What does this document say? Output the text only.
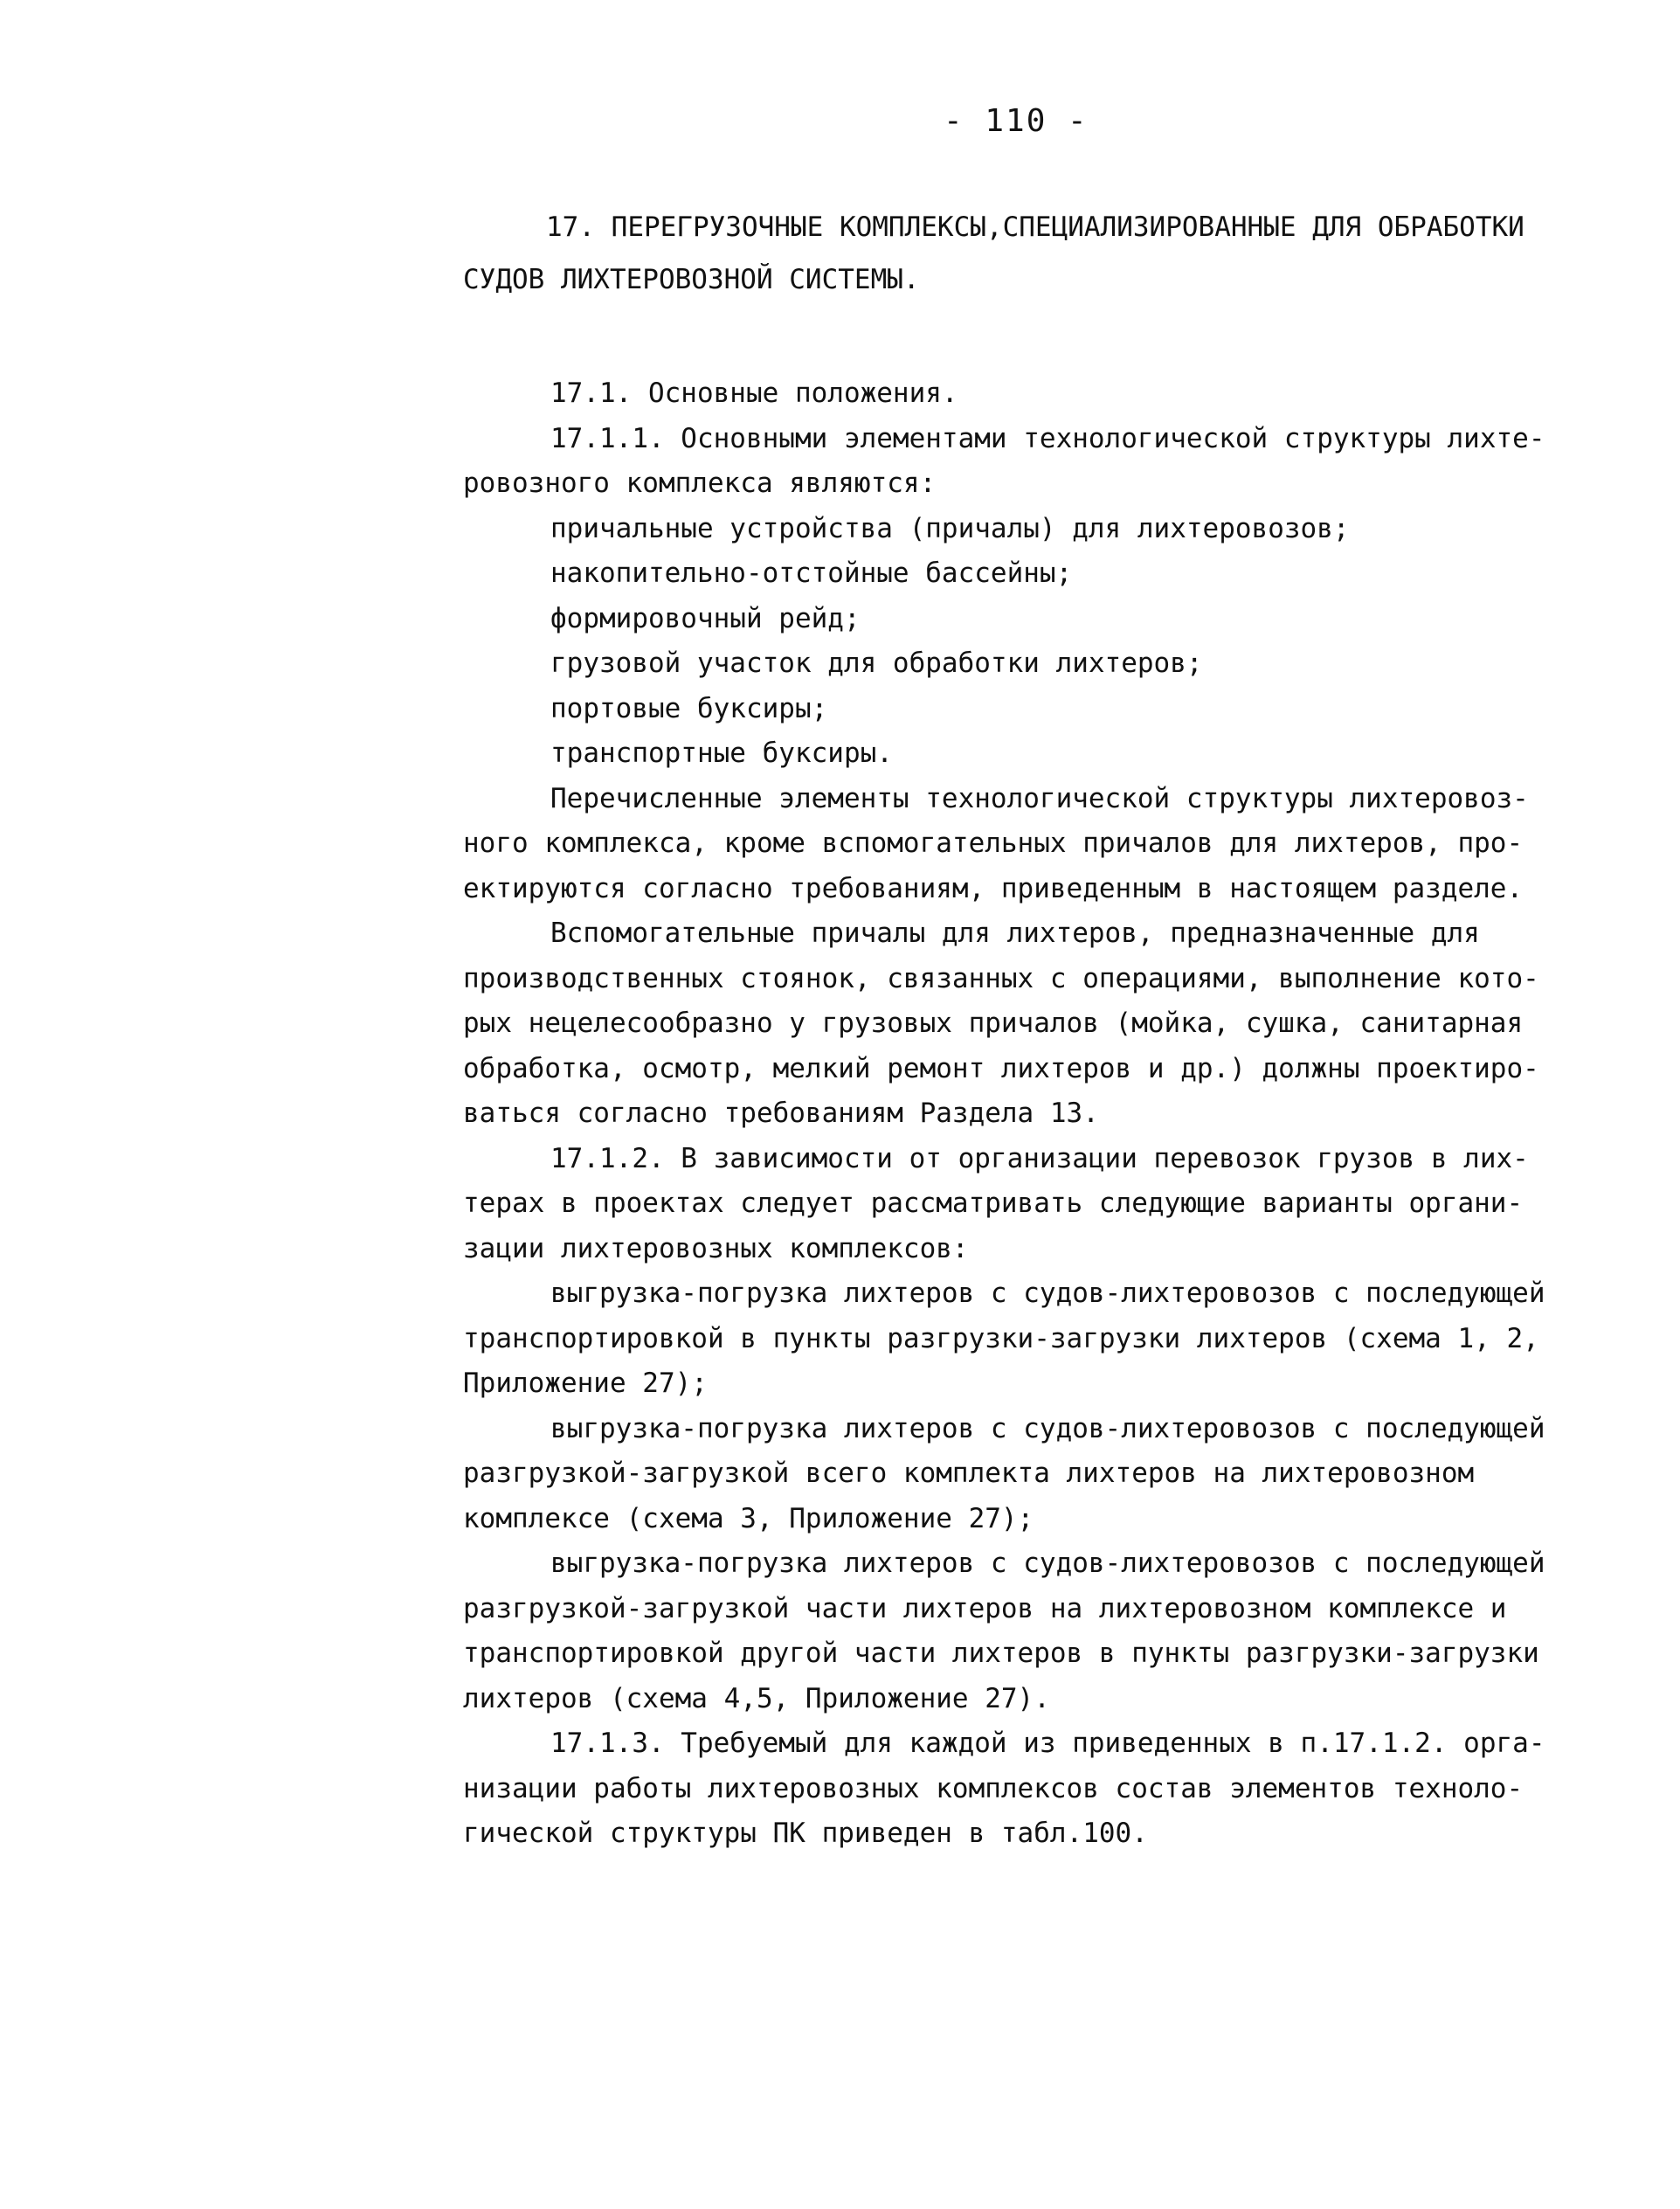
- 110 -
17. ПЕРЕГРУЗОЧНЫЕ КОМПЛЕКСЫ,СПЕЦИАЛИЗИРОВАННЫЕ ДЛЯ ОБРАБОТКИ
СУДОВ ЛИХТЕРОВОЗНОЙ СИСТЕМЫ.
17.1. Основные положения.
17.1.1. Основными элементами технологической структуры лихте-
ровозного комплекса являются:
причальные устройства (причалы) для лихтеровозов;
накопительно-отстойные бассейны;
формировочный рейд;
грузовой участок для обработки лихтеров;
портовые буксиры;
транспортные буксиры.
Перечисленные элементы технологической структуры лихтеровоз-
ного комплекса, кроме вспомогательных причалов для лихтеров, про-
ектируются согласно требованиям, приведенным в настоящем разделе.
Вспомогательные причалы для лихтеров, предназначенные для
производственных стоянок, связанных с операциями, выполнение кото-
рых нецелесообразно у грузовых причалов (мойка, сушка, санитарная
обработка, осмотр, мелкий ремонт лихтеров и др.) должны проектиро-
ваться согласно требованиям Раздела 13.
17.1.2. В зависимости от организации перевозок грузов в лих-
терах в проектах следует рассматривать следующие варианты органи-
зации лихтеровозных комплексов:
выгрузка-погрузка лихтеров с судов-лихтеровозов с последующей
транспортировкой в пункты разгрузки-загрузки лихтеров (схема 1, 2,
Приложение 27);
выгрузка-погрузка лихтеров с судов-лихтеровозов с последующей
разгрузкой-загрузкой всего комплекта лихтеров на лихтеровозном
комплексе (схема 3, Приложение 27);
выгрузка-погрузка лихтеров с судов-лихтеровозов с последующей
разгрузкой-загрузкой части лихтеров на лихтеровозном комплексе и
транспортировкой другой части лихтеров в пункты разгрузки-загрузки
лихтеров (схема 4,5, Приложение 27).
17.1.3. Требуемый для каждой из приведенных в п.17.1.2. орга-
низации работы лихтеровозных комплексов состав элементов техноло-
гической структуры ПК приведен в табл.100.
